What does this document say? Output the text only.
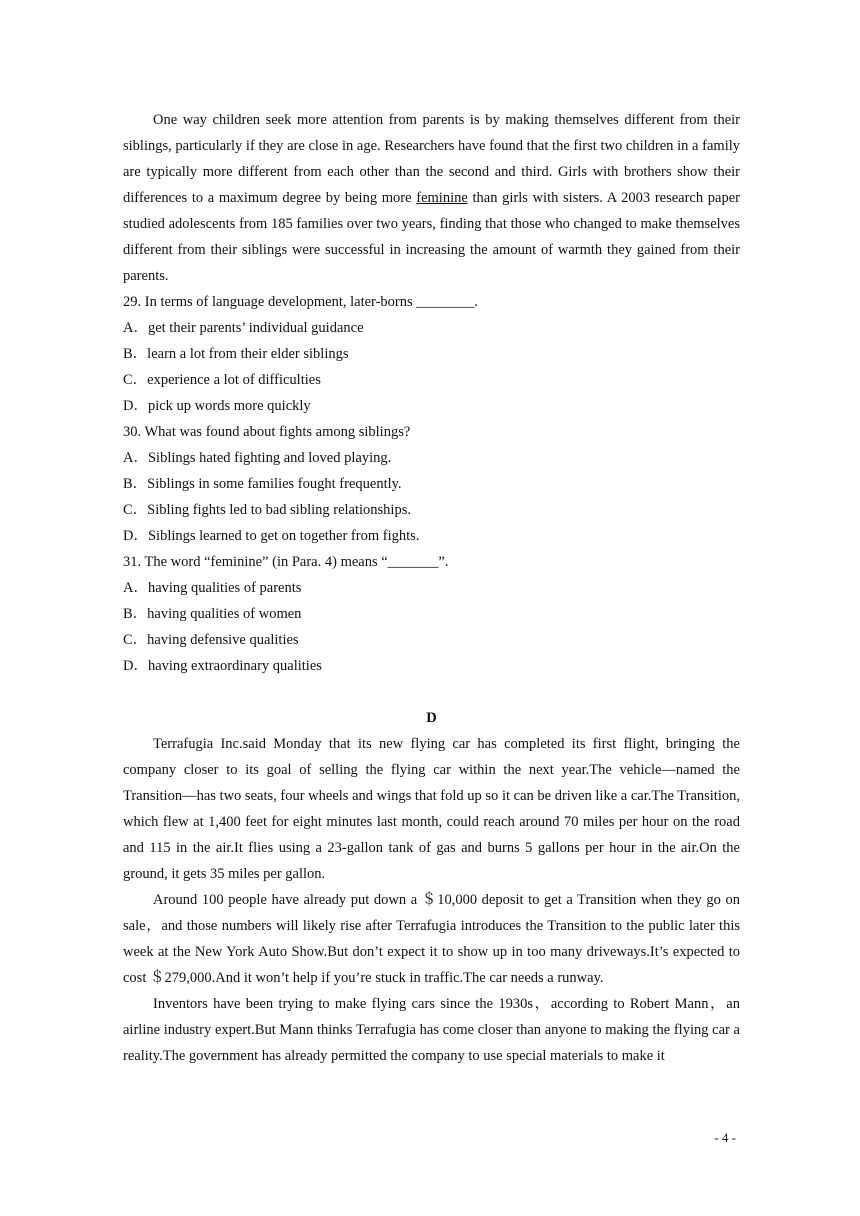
One way children seek more attention from parents is by making themselves different from their siblings, particularly if they are close in age. Researchers have found that the first two children in a family are typically more different from each other than the second and third. Girls with brothers show their differences to a maximum degree by being more feminine than girls with sisters. A 2003 research paper studied adolescents from 185 families over two years, finding that those who changed to make themselves different from their siblings were successful in increasing the amount of warmth they gained from their parents.

29. In terms of language development, later-borns ________.

A．get their parents’ individual guidance

B．learn a lot from their elder siblings

C．experience a lot of difficulties

D．pick up words more quickly

30. What was found about fights among siblings?

A．Siblings hated fighting and loved playing.

B．Siblings in some families fought frequently.

C．Sibling fights led to bad sibling relationships.

D．Siblings learned to get on together from fights.

31. The word “feminine” (in Para. 4) means “_______”.

A．having qualities of parents

B．having qualities of women

C．having defensive qualities

D．having extraordinary qualities

D

Terrafugia Inc.said Monday that its new flying car has completed its first flight, bringing the company closer to its goal of selling the flying car within the next year.The vehicle—named the Transition—has two seats, four wheels and wings that fold up so it can be driven like a car.The Transition, which flew at 1,400 feet for eight minutes last month, could reach around 70 miles per hour on the road and 115 in the air.It flies using a 23-gallon tank of gas and burns 5 gallons per hour in the air.On the ground, it gets 35 miles per gallon.

Around 100 people have already put down a ＄10,000 deposit to get a Transition when they go on sale，and those numbers will likely rise after Terrafugia introduces the Transition to the public later this week at the New York Auto Show.But don’t expect it to show up in too many driveways.It’s expected to cost ＄279,000.And it won’t help if you’re stuck in traffic.The car needs a runway.

Inventors have been trying to make flying cars since the 1930s，according to Robert Mann，an airline industry expert.But Mann thinks Terrafugia has come closer than anyone to making the flying car a reality.The government has already permitted the company to use special materials to make it

- 4 -
